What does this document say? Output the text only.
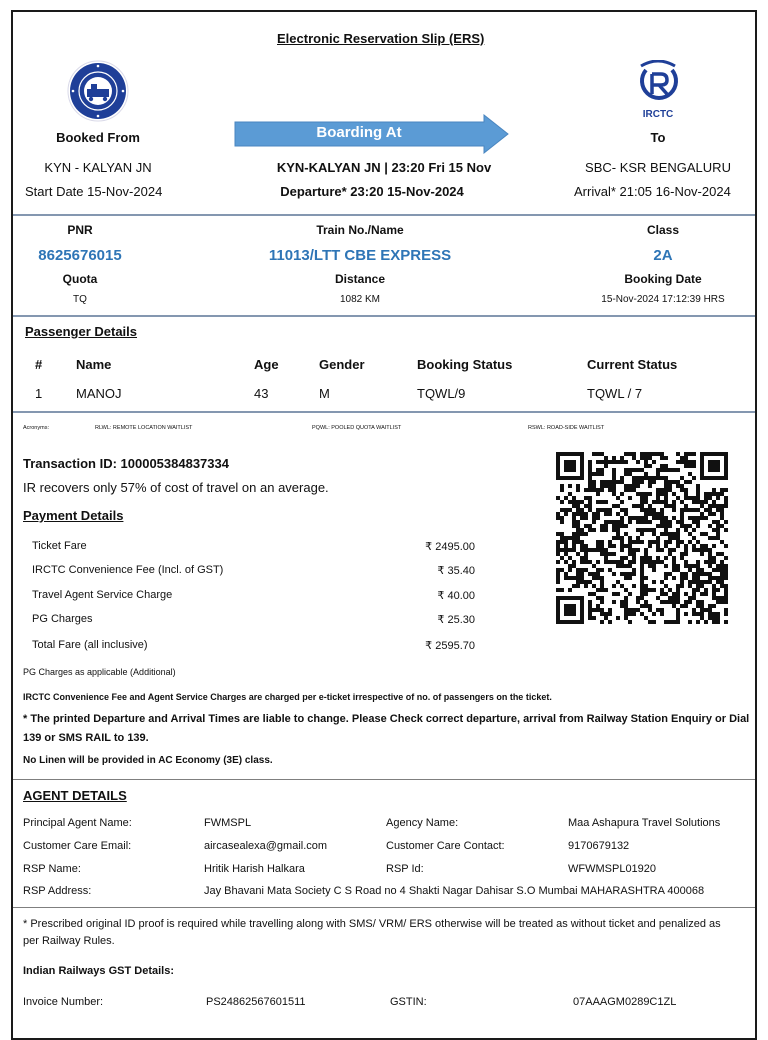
Electronic Reservation Slip (ERS)
Booked From
KYN - KALYAN JN
Start Date 15-Nov-2024
Boarding At
KYN-KALYAN JN | 23:20 Fri 15 Nov
Departure* 23:20 15-Nov-2024
IRCTC
To
SBC- KSR BENGALURU
Arrival* 21:05 16-Nov-2024
PNR
8625676015
Train No./Name
11013/LTT CBE EXPRESS
Class
2A
Quota
TQ
Distance
1082 KM
Booking Date
15-Nov-2024 17:12:39 HRS
Passenger Details
#	Name	Age	Gender	Booking Status	Current Status
1	MANOJ	43	M	TQWL/9	TQWL / 7
Acronyms:	RLWL: REMOTE LOCATION WAITLIST	PQWL: POOLED QUOTA WAITLIST	RSWL: ROAD-SIDE WAITLIST
Transaction ID: 100005384837334
IR recovers only 57% of cost of travel on an average.
Payment Details
Ticket Fare	₹ 2495.00
IRCTC Convenience Fee (Incl. of GST)	₹ 35.40
Travel Agent Service Charge	₹ 40.00
PG Charges	₹ 25.30
Total Fare (all inclusive)	₹ 2595.70
PG Charges as applicable (Additional)
IRCTC Convenience Fee and Agent Service Charges are charged per e-ticket irrespective of no. of passengers on the ticket.
* The printed Departure and Arrival Times are liable to change. Please Check correct departure, arrival from Railway Station Enquiry or Dial
139 or SMS RAIL to 139.
No Linen will be provided in AC Economy (3E) class.
AGENT DETAILS
Principal Agent Name:	FWMSPL	Agency Name:	Maa Ashapura Travel Solutions
Customer Care Email:	aircasealexa@gmail.com	Customer Care Contact:	9170679132
RSP Name:	Hritik Harish Halkara	RSP Id:	WFWMSPL01920
RSP Address:	Jay Bhavani Mata Society C S Road no 4 Shakti Nagar Dahisar S.O Mumbai MAHARASHTRA 400068
* Prescribed original ID proof is required while travelling along with SMS/ VRM/ ERS otherwise will be treated as without ticket and penalized as
per Railway Rules.
Indian Railways GST Details:
Invoice Number:	PS24862567601511	GSTIN:	07AAAGM0289C1ZL
